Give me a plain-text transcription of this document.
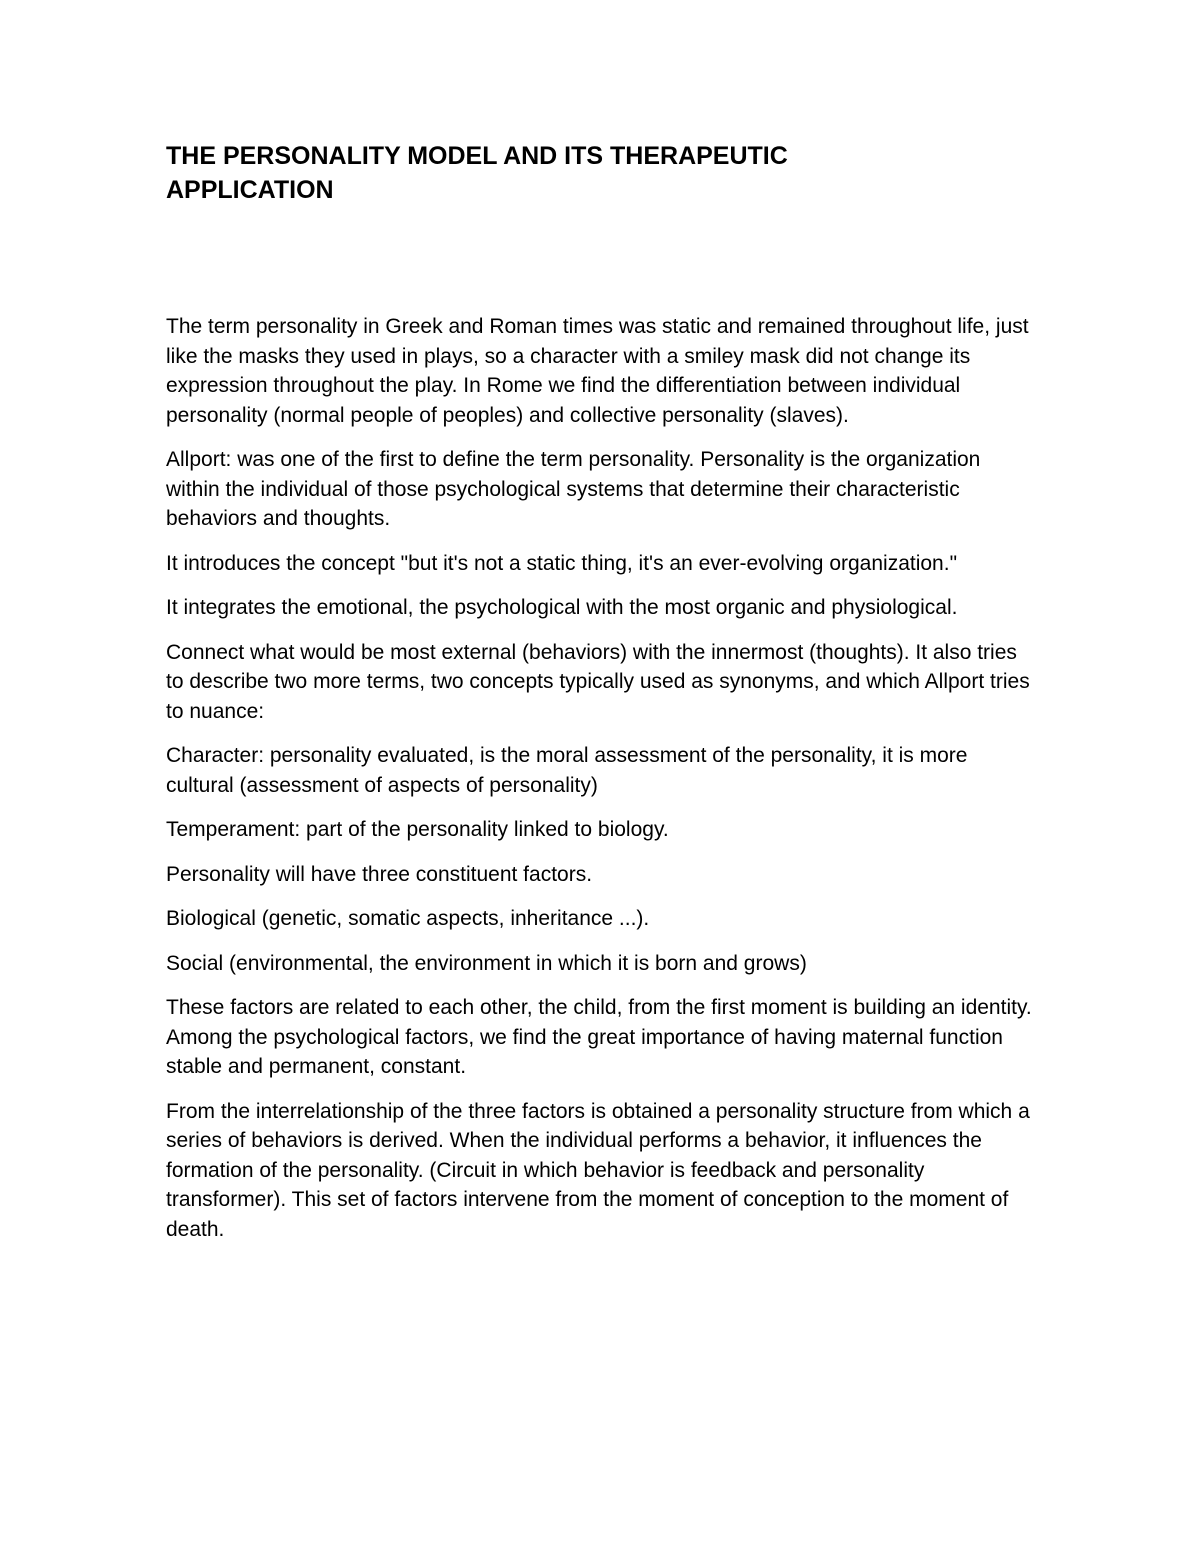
THE PERSONALITY MODEL AND ITS THERAPEUTIC
APPLICATION

The term personality in Greek and Roman times was static and remained throughout life, just like the masks they used in plays, so a character with a smiley mask did not change its expression throughout the play. In Rome we find the differentiation between individual personality (normal people of peoples) and collective personality (slaves).

Allport: was one of the first to define the term personality. Personality is the organization within the individual of those psychological systems that determine their characteristic behaviors and thoughts.

It introduces the concept "but it's not a static thing, it's an ever-evolving organization."

It integrates the emotional, the psychological with the most organic and physiological.

Connect what would be most external (behaviors) with the innermost (thoughts). It also tries to describe two more terms, two concepts typically used as synonyms, and which Allport tries to nuance:

Character: personality evaluated, is the moral assessment of the personality, it is more cultural (assessment of aspects of personality)

Temperament: part of the personality linked to biology.

Personality will have three constituent factors.

Biological (genetic, somatic aspects, inheritance ...).

Social (environmental, the environment in which it is born and grows)

These factors are related to each other, the child, from the first moment is building an identity. Among the psychological factors, we find the great importance of having maternal function stable and permanent, constant.

From the interrelationship of the three factors is obtained a personality structure from which a series of behaviors is derived. When the individual performs a behavior, it influences the formation of the personality. (Circuit in which behavior is feedback and personality transformer). This set of factors intervene from the moment of conception to the moment of death.
